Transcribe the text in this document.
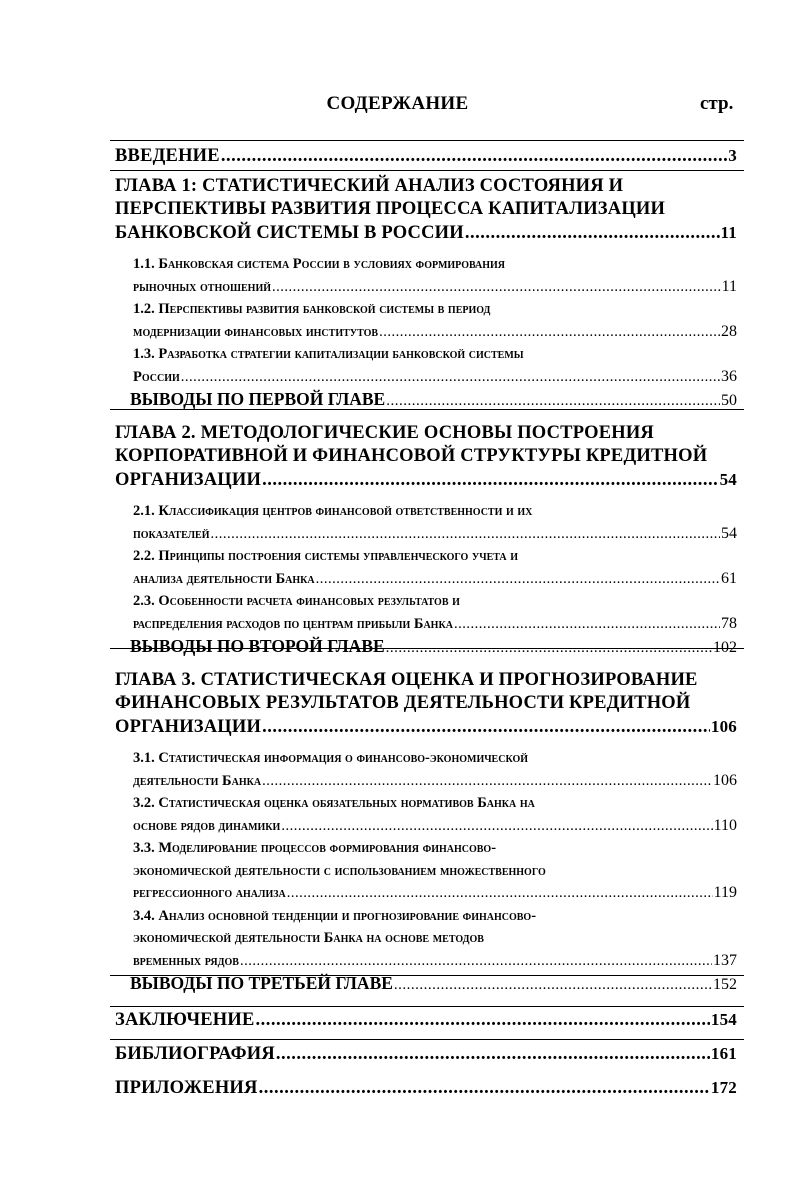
СОДЕРЖАНИЕ	стр.
ВВЕДЕНИЕ .....	3
ГЛАВА 1: СТАТИСТИЧЕСКИЙ АНАЛИЗ СОСТОЯНИЯ И
ПЕРСПЕКТИВЫ РАЗВИТИЯ ПРОЦЕССА КАПИТАЛИЗАЦИИ
БАНКОВСКОЙ СИСТЕМЫ В РОССИИ .....	11
1.1. Банковская система России в условиях формирования
рыночных отношений .....	11
1.2. Перспективы развития банковской системы в период
модернизации финансовых институтов .....	28
1.3. Разработка стратегии капитализации банковской системы
России .....	36
ВЫВОДЫ ПО ПЕРВОЙ ГЛАВЕ .....	50
ГЛАВА 2. МЕТОДОЛОГИЧЕСКИЕ ОСНОВЫ ПОСТРОЕНИЯ
КОРПОРАТИВНОЙ И ФИНАНСОВОЙ СТРУКТУРЫ КРЕДИТНОЙ
ОРГАНИЗАЦИИ .....	54
2.1. Классификация центров финансовой ответственности и их
показателей .....	54
2.2. Принципы построения системы управленческого учета и
анализа деятельности Банка .....	61
2.3. Особенности расчета финансовых результатов и
распределения расходов по центрам прибыли Банка .....	78
ВЫВОДЫ ПО ВТОРОЙ ГЛАВЕ .....	102
ГЛАВА 3. СТАТИСТИЧЕСКАЯ ОЦЕНКА И ПРОГНОЗИРОВАНИЕ
ФИНАНСОВЫХ РЕЗУЛЬТАТОВ ДЕЯТЕЛЬНОСТИ КРЕДИТНОЙ
ОРГАНИЗАЦИИ .....	106
3.1. Статистическая информация о финансово-экономической
деятельности Банка .....	106
3.2. Статистическая оценка обязательных нормативов Банка на
основе рядов динамики .....	110
3.3. Моделирование процессов формирования финансово-
экономической деятельности с использованием множественного
регрессионного анализа .....	119
3.4. Анализ основной тенденции и прогнозирование финансово-
экономической деятельности Банка на основе методов
временных рядов .....	137
ВЫВОДЫ ПО ТРЕТЬЕЙ ГЛАВЕ .....	152
ЗАКЛЮЧЕНИЕ .....	154
БИБЛИОГРАФИЯ .....	161
ПРИЛОЖЕНИЯ .....	172
